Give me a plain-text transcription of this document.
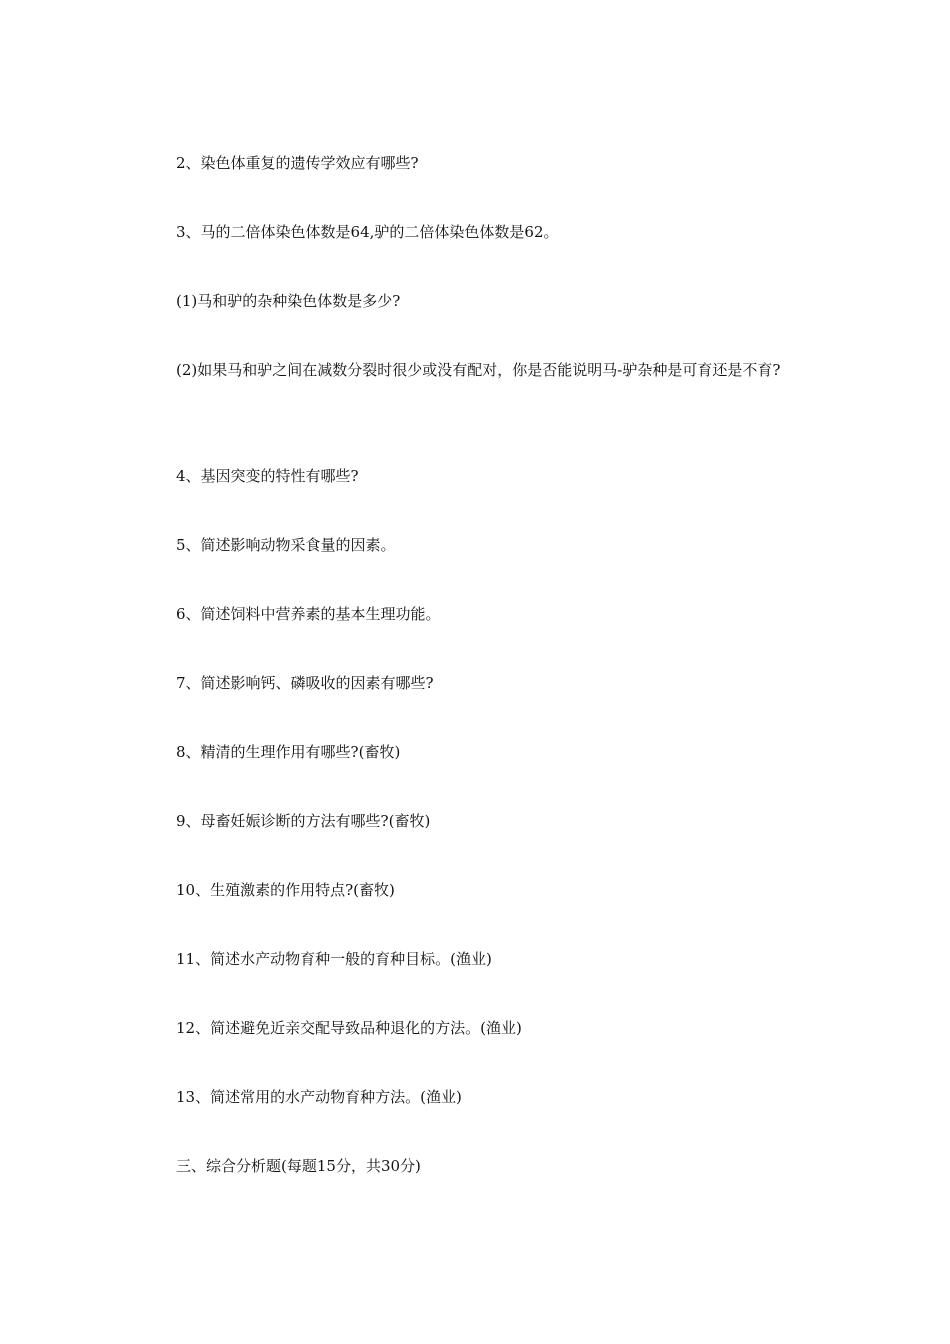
2、染色体重复的遗传学效应有哪些?
3、马的二倍体染色体数是64,驴的二倍体染色体数是62。
(1)马和驴的杂种染色体数是多少?
(2)如果马和驴之间在减数分裂时很少或没有配对，你是否能说明马-驴杂种是可育还是不育?
4、基因突变的特性有哪些?
5、简述影响动物采食量的因素。
6、简述饲料中营养素的基本生理功能。
7、简述影响钙、磷吸收的因素有哪些?
8、精清的生理作用有哪些?(畜牧)
9、母畜妊娠诊断的方法有哪些?(畜牧)
10、生殖激素的作用特点?(畜牧)
11、简述水产动物育种一般的育种目标。(渔业)
12、简述避免近亲交配导致品种退化的方法。(渔业)
13、简述常用的水产动物育种方法。(渔业)
三、综合分析题(每题15分，共30分)
